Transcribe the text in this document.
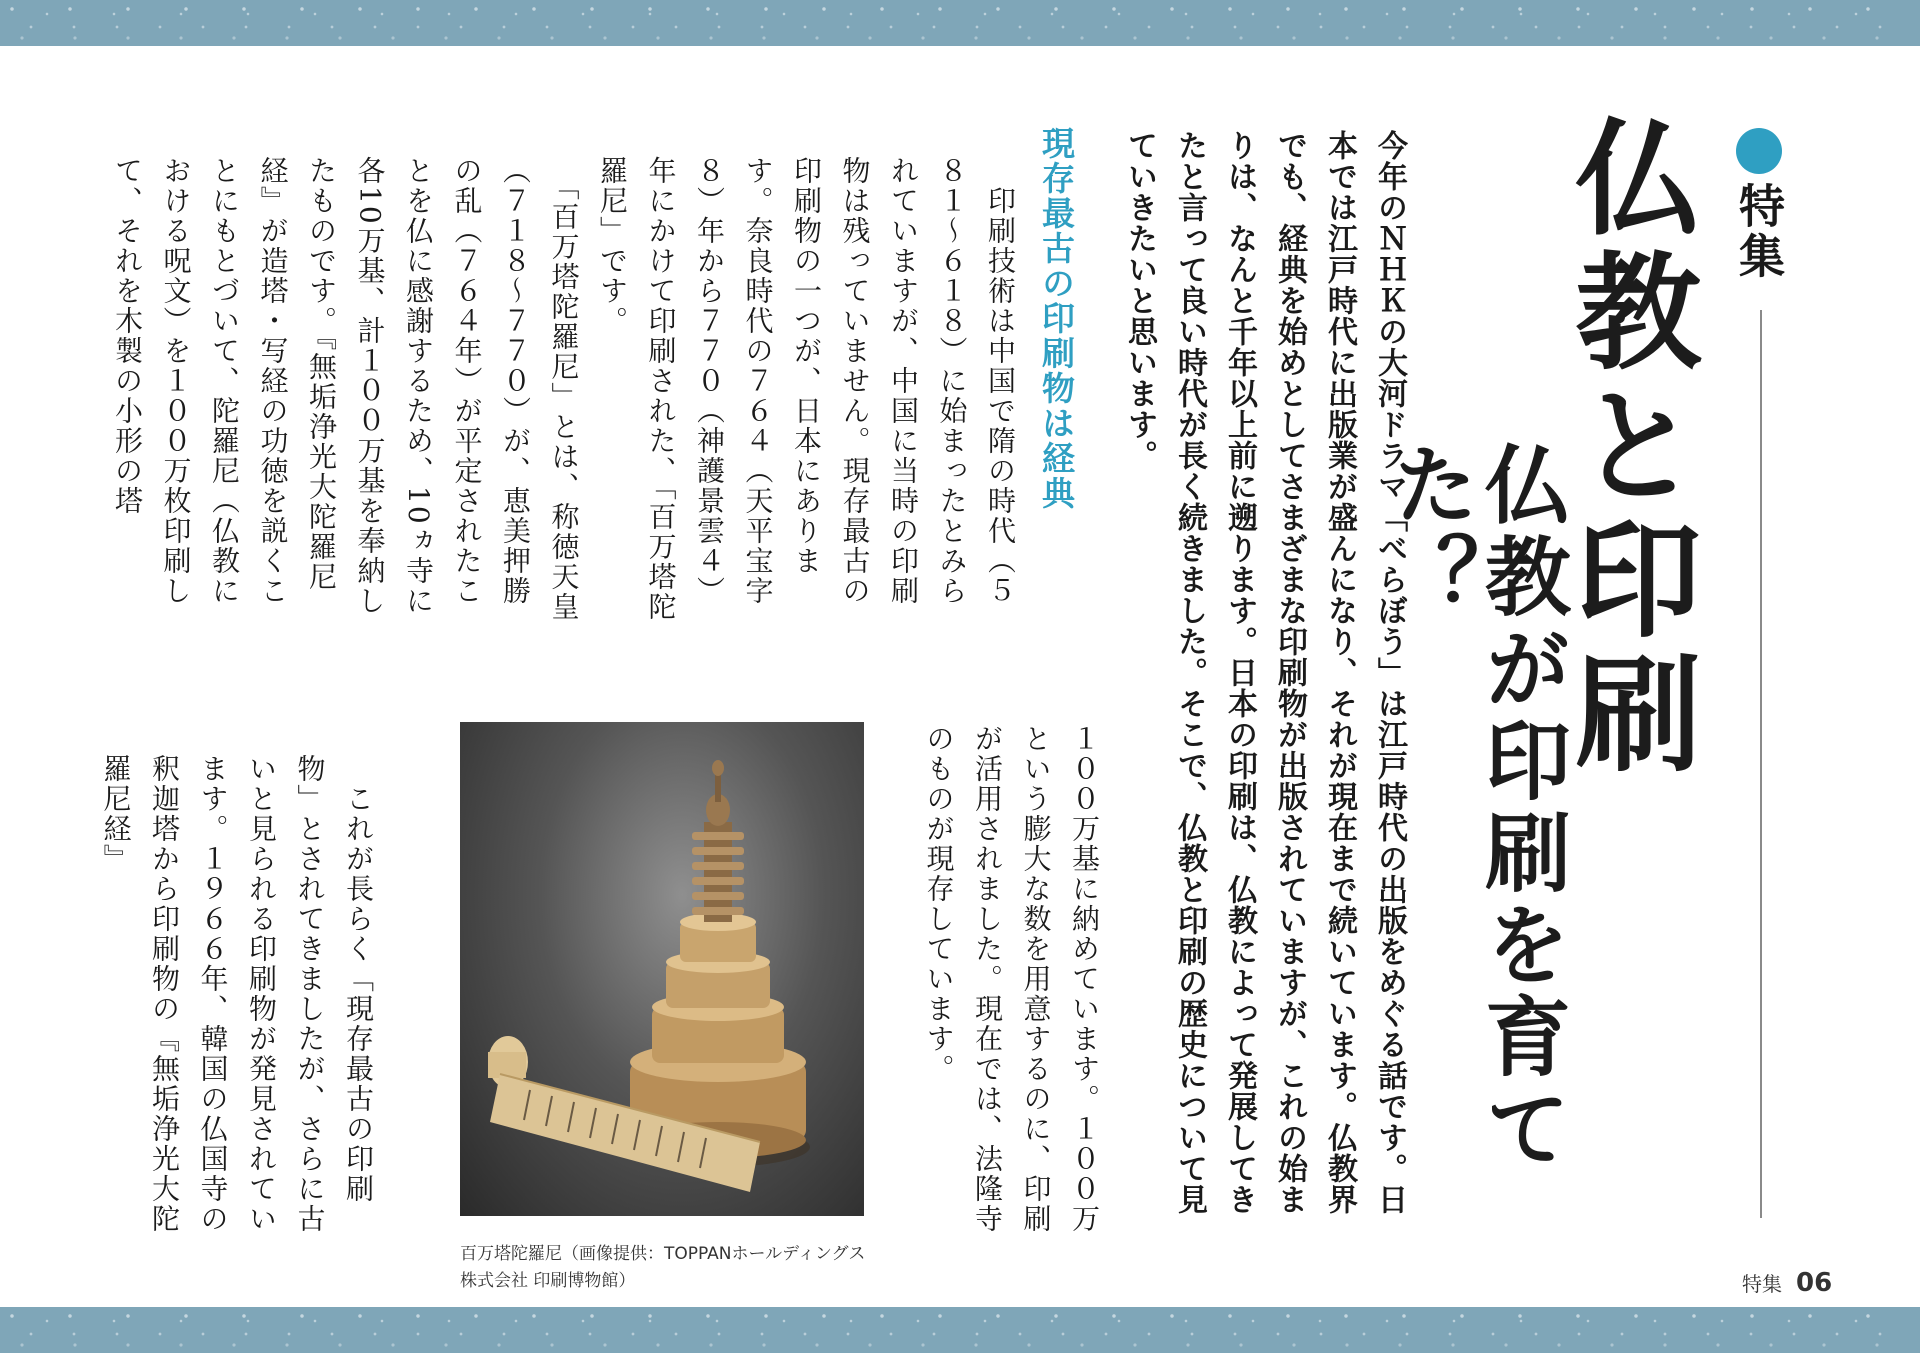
特集

仏教と印刷
仏教が印刷を育てた？

今年のＮＨＫの大河ドラマ「べらぼう」は江戸時代の出版をめぐる話です。日本では江戸時代に出版業が盛んになり、それが現在まで続いています。仏教界でも、経典を始めとしてさまざまな印刷物が出版されていますが、これの始まりは、なんと千年以上前に遡ります。日本の印刷は、仏教によって発展してきたと言って良い時代が長く続きました。そこで、仏教と印刷の歴史について見ていきたいと思います。

現存最古の印刷物は経典

　印刷技術は中国で隋の時代（５８１〜６１８）に始まったとみられていますが、中国に当時の印刷物は残っていません。現存最古の印刷物の一つが、日本にあります。奈良時代の７６４（天平宝字８）年から７７０（神護景雲４）年にかけて印刷された、「百万塔陀羅尼」です。
　「百万塔陀羅尼」とは、称徳天皇（７１８〜７７０）が、恵美押勝の乱（７６４年）が平定されたことを仏に感謝するため、10ヵ寺に各10万基、計１００万基を奉納したものです。『無垢浄光大陀羅尼経』が造塔・写経の功徳を説くことにもとづいて、陀羅尼（仏教における呪文）を１００万枚印刷して、それを木製の小形の塔

１００万基に納めています。１００万という膨大な数を用意するのに、印刷が活用されました。現在では、法隆寺のものが現存しています。

　これが長らく「現存最古の印刷物」とされてきましたが、さらに古いと見られる印刷物が発見されています。１９６６年、韓国の仏国寺の釈迦塔から印刷物の『無垢浄光大陀羅尼経』

百万塔陀羅尼（画像提供：TOPPANホールディングス株式会社 印刷博物館）	特集 06
